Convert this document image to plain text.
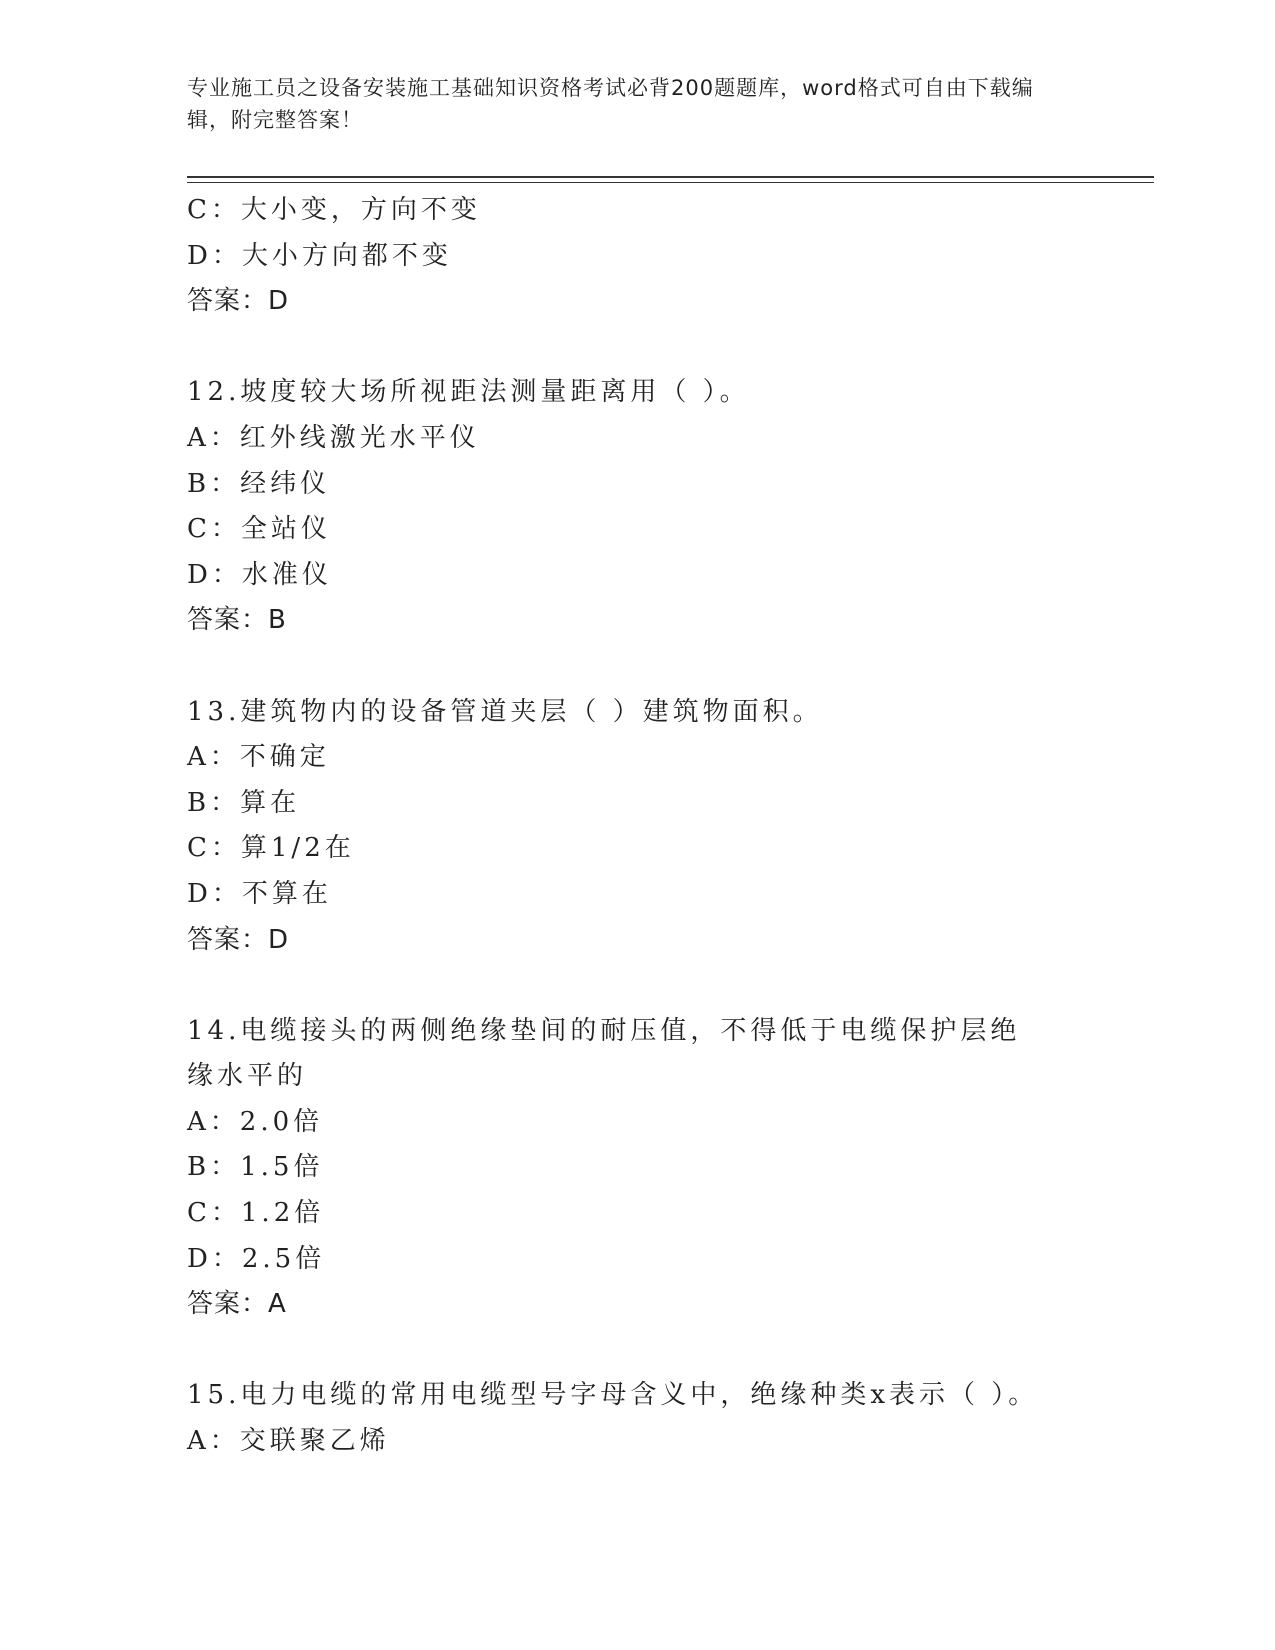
专业施工员之设备安装施工基础知识资格考试必背200题题库，word格式可自由下载编辑，附完整答案！
C：大小变，方向不变
D：大小方向都不变
答案：D
12.坡度较大场所视距法测量距离用（ ）。
A：红外线激光水平仪
B：经纬仪
C：全站仪
D：水准仪
答案：B
13.建筑物内的设备管道夹层（ ）建筑物面积。
A：不确定
B：算在
C：算1/2在
D：不算在
答案：D
14.电缆接头的两侧绝缘垫间的耐压值，不得低于电缆保护层绝缘水平的
A：2.0倍
B：1.5倍
C：1.2倍
D：2.5倍
答案：A
15.电力电缆的常用电缆型号字母含义中，绝缘种类x表示（ ）。
A：交联聚乙烯
